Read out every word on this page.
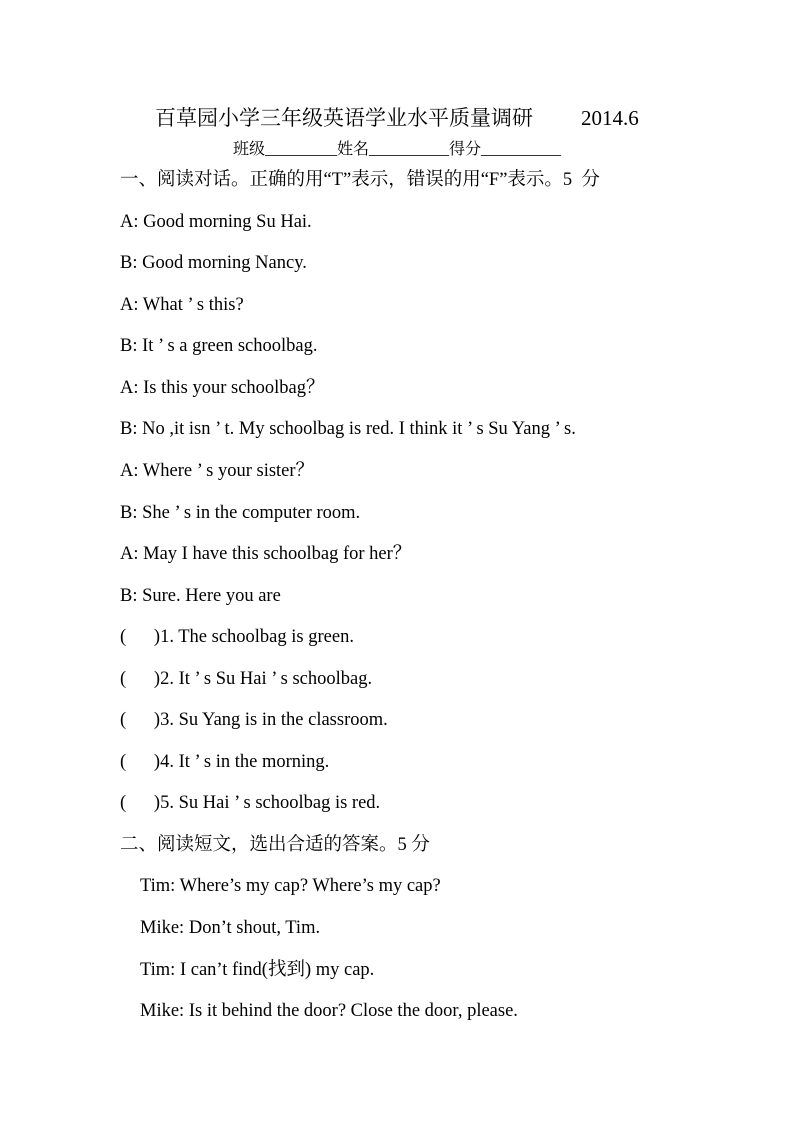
百草园小学三年级英语学业水平质量调研 2014.6
班级_________姓名__________得分__________
一、阅读对话。正确的用“T”表示，错误的用“F”表示。5  分
A: Good morning Su Hai.
B: Good morning Nancy.
A: What ’ s this?
B: It ’ s a green schoolbag.
A: Is this your schoolbag？
B: No ,it isn ’ t. My schoolbag is red. I think it ’ s Su Yang ’ s.
A: Where ’ s your sister？
B: She ’ s in the computer room.
A: May I have this schoolbag for her？
B: Sure. Here you are
(      )1. The schoolbag is green.
(      )2. It ’ s Su Hai ’ s schoolbag.
(      )3. Su Yang is in the classroom.
(      )4. It ’ s in the morning.
(      )5. Su Hai ’ s schoolbag is red.
二、阅读短文，选出合适的答案。5 分
Tim: Where’s my cap? Where’s my cap?
Mike: Don’t shout, Tim.
Tim: I can’t find(找到) my cap.
Mike: Is it behind the door? Close the door, please.
